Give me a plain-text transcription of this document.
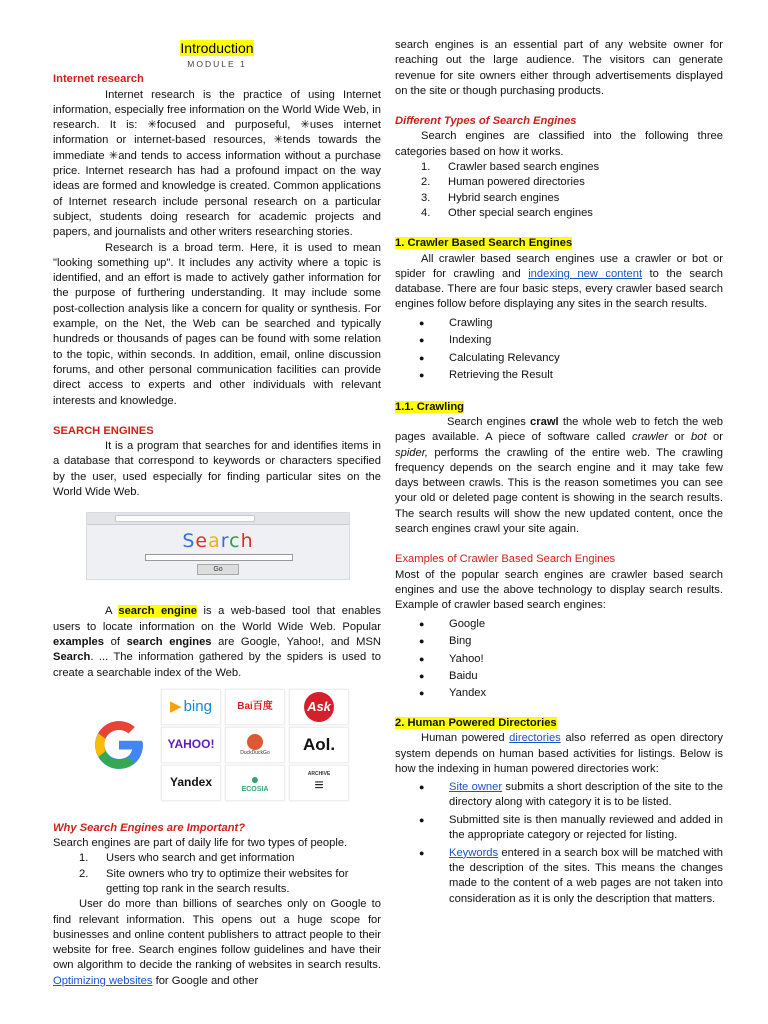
Introduction
MODULE 1
Internet research

Internet research is the practice of using Internet information, especially free information on the World Wide Web, in research. It is: ✳focused and purposeful, ✳uses internet information or internet-based resources, ✳tends towards the immediate ✳and tends to access information without a purchase price. Internet research has had a profound impact on the way ideas are formed and knowledge is created. Common applications of Internet research include personal research on a particular subject, students doing research for academic projects and papers, and journalists and other writers researching stories.

Research is a broad term. Here, it is used to mean "looking something up". It includes any activity where a topic is identified, and an effort is made to actively gather information for the purpose of furthering understanding. It may include some post-collection analysis like a concern for quality or synthesis. For example, on the Net, the Web can be searched and typically hundreds or thousands of pages can be found with some relation to the topic, within seconds. In addition, email, online discussion forums, and other personal communication facilities can provide direct access to experts and other individuals with relevant interests and knowledge.

SEARCH ENGINES

It is a program that searches for and identifies items in a database that correspond to keywords or characters specified by the user, used especially for finding particular sites on the World Wide Web.

Search
Go

A search engine is a web-based tool that enables users to locate information on the World Wide Web. Popular examples of search engines are Google, Yahoo!, and MSN Search. ... The information gathered by the spiders is used to create a searchable index of the Web.

▶ bing	Bai百度	Ask
YAHOO!
DuckDuckGo	Aol.
Yandex	●
ECOSIA
ARCHIVE
≡
Why Search Engines are Important?

Search engines are part of daily life for two types of people.

1.	Users who search and get information
2.	Site owners who try to optimize their websites for getting top rank in the search results.

User do more than billions of searches only on Google to find relevant information. This opens out a huge scope for businesses and online content publishers to attract people to their website for free. Search engines follow guidelines and have their own algorithm to decide the ranking of websites in search results. Optimizing websites for Google and other

search engines is an essential part of any website owner for reaching out the large audience. The visitors can generate revenue for site owners either through advertisements displayed on the site or though purchasing products.

Different Types of Search Engines

Search engines are classified into the following three categories based on how it works.

1.	Crawler based search engines
2.	Human powered directories
3.	Hybrid search engines
4.	Other special search engines
1. Crawler Based Search Engines

All crawler based search engines use a crawler or bot or spider for crawling and indexing new content to the search database. There are four basic steps, every crawler based search engines follow before displaying any sites in the search results.

●	Crawling
●	Indexing
●	Calculating Relevancy
●	Retrieving the Result
1.1. Crawling

Search engines crawl the whole web to fetch the web pages available. A piece of software called crawler or bot or spider, performs the crawling of the entire web. The crawling frequency depends on the search engine and it may take few days between crawls. This is the reason sometimes you can see your old or deleted page content is showing in the search results. The search results will show the new updated content, once the search engines crawl your site again.

Examples of Crawler Based Search Engines

Most of the popular search engines are crawler based search engines and use the above technology to display search results. Example of crawler based search engines:

●	Google
●	Bing
●	Yahoo!
●	Baidu
●	Yandex
2. Human Powered Directories

Human powered directories also referred as open directory system depends on human based activities for listings. Below is how the indexing in human powered directories work:

●	Site owner submits a short description of the site to the directory along with category it is to be listed.
●	Submitted site is then manually reviewed and added in the appropriate category or rejected for listing.
●	Keywords entered in a search box will be matched with the description of the sites. This means the changes made to the content of a web pages are not taken into consideration as it is only the description that matters.
